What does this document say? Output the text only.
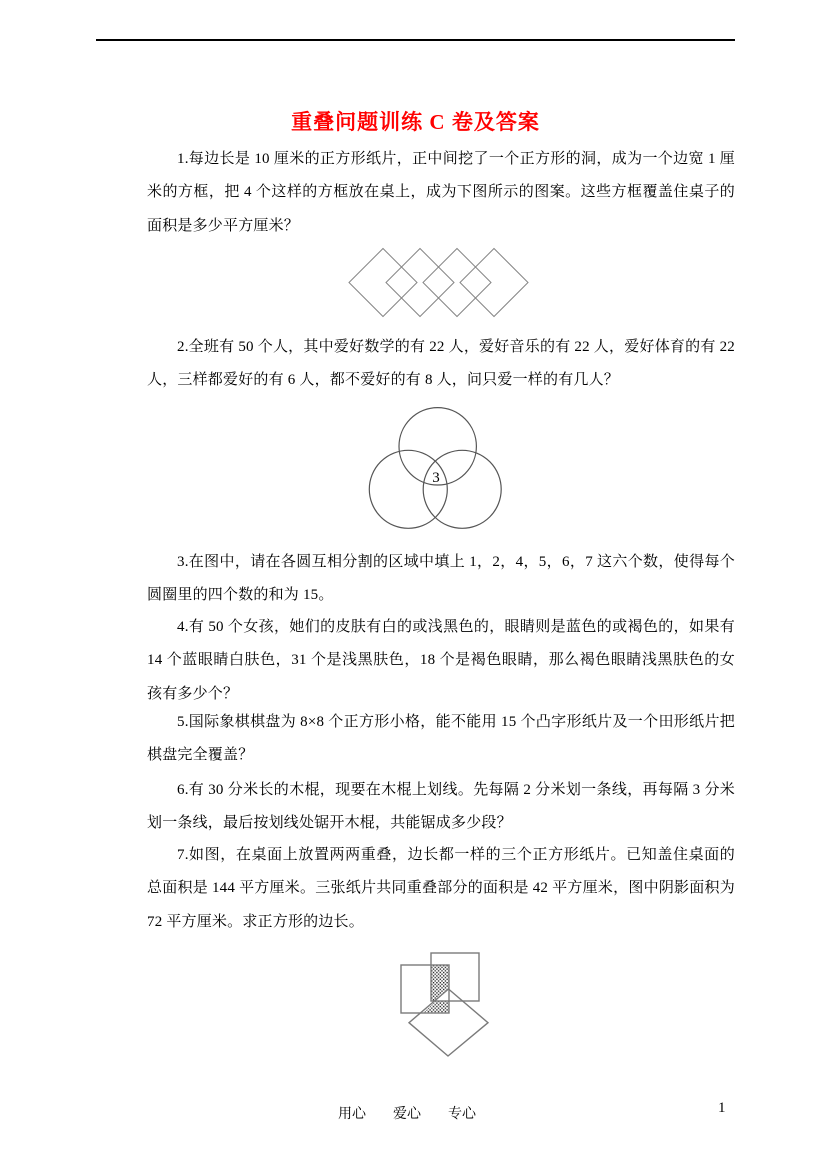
重叠问题训练 C 卷及答案

1.每边长是 10 厘米的正方形纸片，正中间挖了一个正方形的洞，成为一个边宽 1 厘米的方框，把 4 个这样的方框放在桌上，成为下图所示的图案。这些方框覆盖住桌子的面积是多少平方厘米？

2.全班有 50 个人，其中爱好数学的有 22 人，爱好音乐的有 22 人，爱好体育的有 22 人，三样都爱好的有 6 人，都不爱好的有 8 人，问只爱一样的有几人？

3

3.在图中，请在各圆互相分割的区域中填上 1，2，4，5，6，7 这六个数，使得每个圆圈里的四个数的和为 15。

4.有 50 个女孩，她们的皮肤有白的或浅黑色的，眼睛则是蓝色的或褐色的，如果有 14 个蓝眼睛白肤色，31 个是浅黑肤色，18 个是褐色眼睛，那么褐色眼睛浅黑肤色的女孩有多少个？

5.国际象棋棋盘为 8×8 个正方形小格，能不能用 15 个凸字形纸片及一个田形纸片把棋盘完全覆盖？

6.有 30 分米长的木棍，现要在木棍上划线。先每隔 2 分米划一条线，再每隔 3 分米划一条线，最后按划线处锯开木棍，共能锯成多少段？

7.如图，在桌面上放置两两重叠，边长都一样的三个正方形纸片。已知盖住桌面的总面积是 144 平方厘米。三张纸片共同重叠部分的面积是 42 平方厘米，图中阴影面积为 72 平方厘米。求正方形的边长。

用心 爱心 专心	1
